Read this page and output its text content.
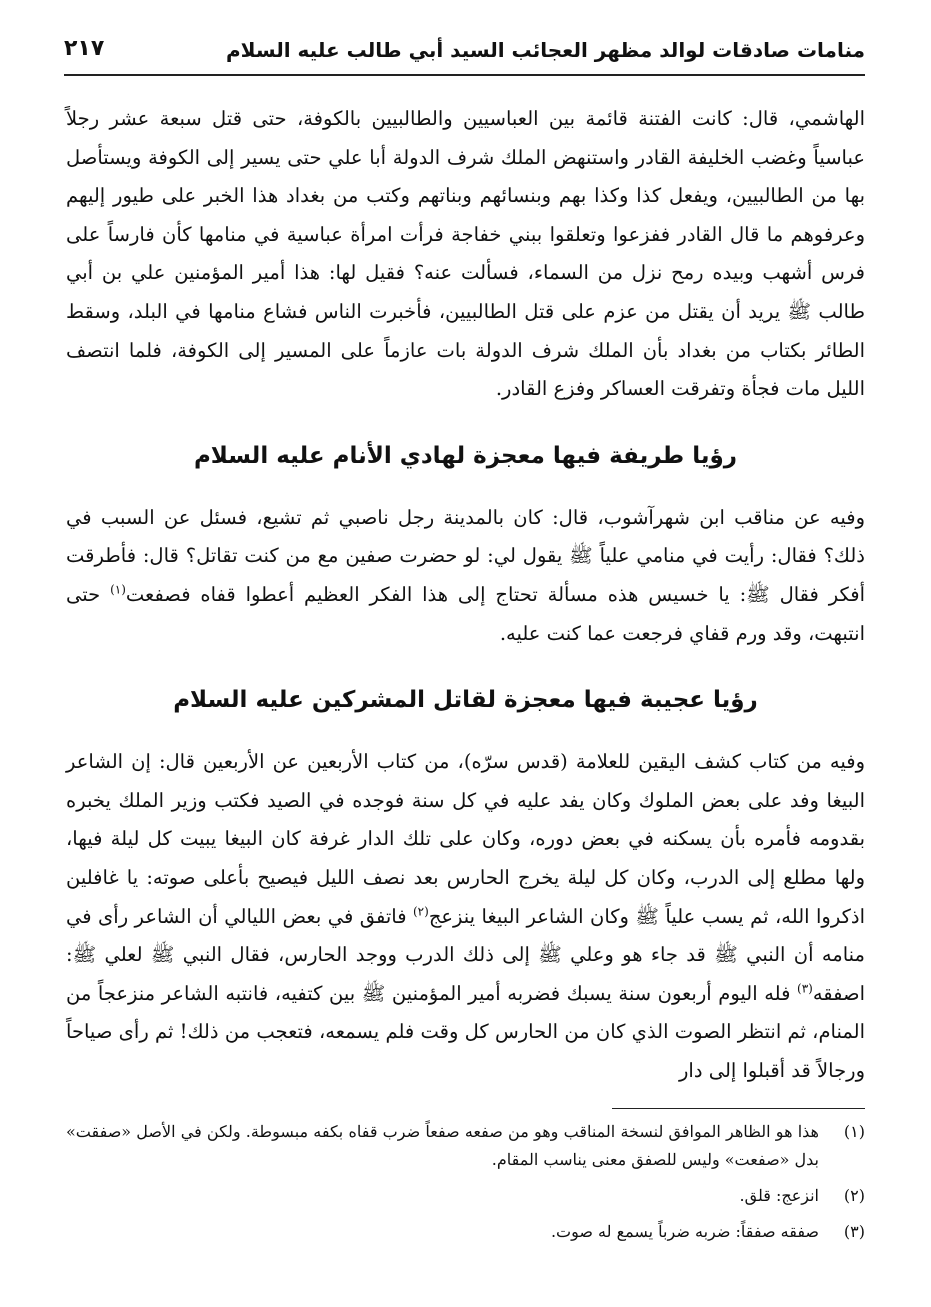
منامات صادقات لوالد مظهر العجائب السيد أبي طالب عليه السلام
٢١٧

الهاشمي، قال: كانت الفتنة قائمة بين العباسيين والطالبيين بالكوفة، حتى قتل سبعة عشر رجلاً عباسياً وغضب الخليفة القادر واستنهض الملك شرف الدولة أبا علي حتى يسير إلى الكوفة ويستأصل بها من الطالبيين، ويفعل كذا وكذا بهم وبنسائهم وبناتهم وكتب من بغداد هذا الخبر على طيور إليهم وعرفوهم ما قال القادر ففزعوا وتعلقوا ببني خفاجة فرأت امرأة عباسية في منامها كأن فارساً على فرس أشهب وبيده رمح نزل من السماء، فسألت عنه؟ فقيل لها: هذا أمير المؤمنين علي بن أبي طالب ﷺ يريد أن يقتل من عزم على قتل الطالبيين، فأخبرت الناس فشاع منامها في البلد، وسقط الطائر بكتاب من بغداد بأن الملك شرف الدولة بات عازماً على المسير إلى الكوفة، فلما انتصف الليل مات فجأة وتفرقت العساكر وفزع القادر.

رؤيا طريفة فيها معجزة لهادي الأنام عليه السلام

وفيه عن مناقب ابن شهرآشوب، قال: كان بالمدينة رجل ناصبي ثم تشيع، فسئل عن السبب في ذلك؟ فقال: رأيت في منامي علياً ﷺ يقول لي: لو حضرت صفين مع من كنت تقاتل؟ قال: فأطرقت أفكر فقال ﷺ: يا خسيس هذه مسألة تحتاج إلى هذا الفكر العظيم أعطوا قفاه فصفعت$^{(١)}$ حتى انتبهت، وقد ورم قفاي فرجعت عما كنت عليه.

رؤيا عجيبة فيها معجزة لقاتل المشركين عليه السلام

وفيه من كتاب كشف اليقين للعلامة (قدس سرّه)، من كتاب الأربعين عن الأربعين قال: إن الشاعر البيغا وفد على بعض الملوك وكان يفد عليه في كل سنة فوجده في الصيد فكتب وزير الملك يخبره بقدومه فأمره بأن يسكنه في بعض دوره، وكان على تلك الدار غرفة كان البيغا يبيت كل ليلة فيها، ولها مطلع إلى الدرب، وكان كل ليلة يخرج الحارس بعد نصف الليل فيصيح بأعلى صوته: يا غافلين اذكروا الله، ثم يسب علياً ﷺ وكان الشاعر البيغا ينزعج$^{(٢)}$ فاتفق في بعض الليالي أن الشاعر رأى في منامه أن النبي ﷺ قد جاء هو وعلي ﷺ إلى ذلك الدرب ووجد الحارس، فقال النبي ﷺ لعلي ﷺ: اصفقه$^{(٣)}$ فله اليوم أربعون سنة يسبك فضربه أمير المؤمنين ﷺ بين كتفيه، فانتبه الشاعر منزعجاً من المنام، ثم انتظر الصوت الذي كان من الحارس كل وقت فلم يسمعه، فتعجب من ذلك! ثم رأى صياحاً ورجالاً قد أقبلوا إلى دار

(١)
هذا هو الظاهر الموافق لنسخة المناقب وهو من صفعه صفعاً ضرب قفاه بكفه مبسوطة. ولكن في الأصل «صفقت» بدل «صفعت» وليس للصفق معنى يناسب المقام.
(٢)
انزعج: قلق.
(٣)
صفقه صفقاً: ضربه ضرباً يسمع له صوت.
